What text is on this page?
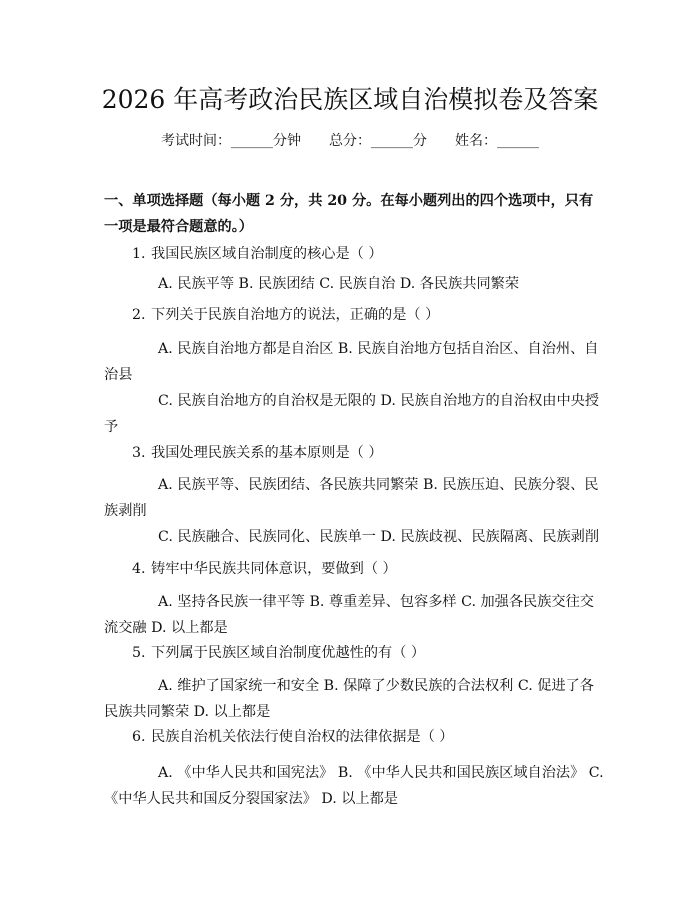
2026 年高考政治民族区域自治模拟卷及答案
考试时间：______分钟 总分：______分 姓名：______
一、单项选择题（每小题 2 分，共 20 分。在每小题列出的四个选项中，只有一项是最符合题意的。）
1. 我国民族区域自治制度的核心是（ ）
A. 民族平等 B. 民族团结 C. 民族自治 D. 各民族共同繁荣
2. 下列关于民族自治地方的说法，正确的是（ ）
A. 民族自治地方都是自治区 B. 民族自治地方包括自治区、自治州、自
治县
C. 民族自治地方的自治权是无限的 D. 民族自治地方的自治权由中央授
予
3. 我国处理民族关系的基本原则是（ ）
A. 民族平等、民族团结、各民族共同繁荣 B. 民族压迫、民族分裂、民
族剥削
C. 民族融合、民族同化、民族单一 D. 民族歧视、民族隔离、民族剥削
4. 铸牢中华民族共同体意识，要做到（ ）
A. 坚持各民族一律平等 B. 尊重差异、包容多样 C. 加强各民族交往交
流交融 D. 以上都是
5. 下列属于民族区域自治制度优越性的有（ ）
A. 维护了国家统一和安全 B. 保障了少数民族的合法权利 C. 促进了各
民族共同繁荣 D. 以上都是
6. 民族自治机关依法行使自治权的法律依据是（ ）
A. 《中华人民共和国宪法》 B. 《中华人民共和国民族区域自治法》 C.
《中华人民共和国反分裂国家法》 D. 以上都是
